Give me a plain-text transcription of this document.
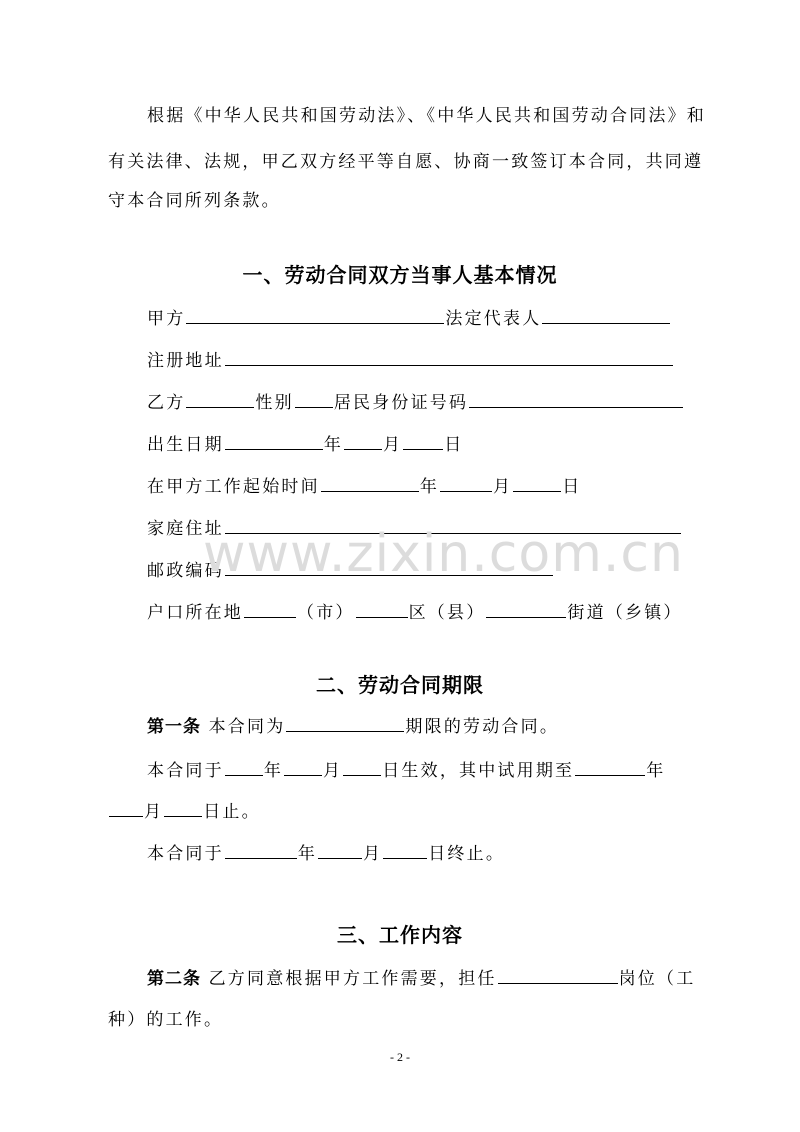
根据《中华人民共和国劳动法》、《中华人民共和国劳动合同法》和
有关法律、法规，甲乙双方经平等自愿、协商一致签订本合同，共同遵
守本合同所列条款。
一、劳动合同双方当事人基本情况
甲方	法定代表人
注册地址
乙方	性别 居民身份证号码
出生日期	年 月 日
在甲方工作起始时间	年	月	日
家庭住址
邮政编码
户口所在地	（市）	区（县）	街道（乡镇）
二、劳动合同期限
第一条 本合同为	期限的劳动合同。
本合同于 年 月 日生效，其中试用期至	年
月 日止。
本合同于	年	月	日终止。
三、工作内容
第二条 乙方同意根据甲方工作需要，担任	岗位（工
种）的工作。
www.zixin.com.cn
- 2 -
